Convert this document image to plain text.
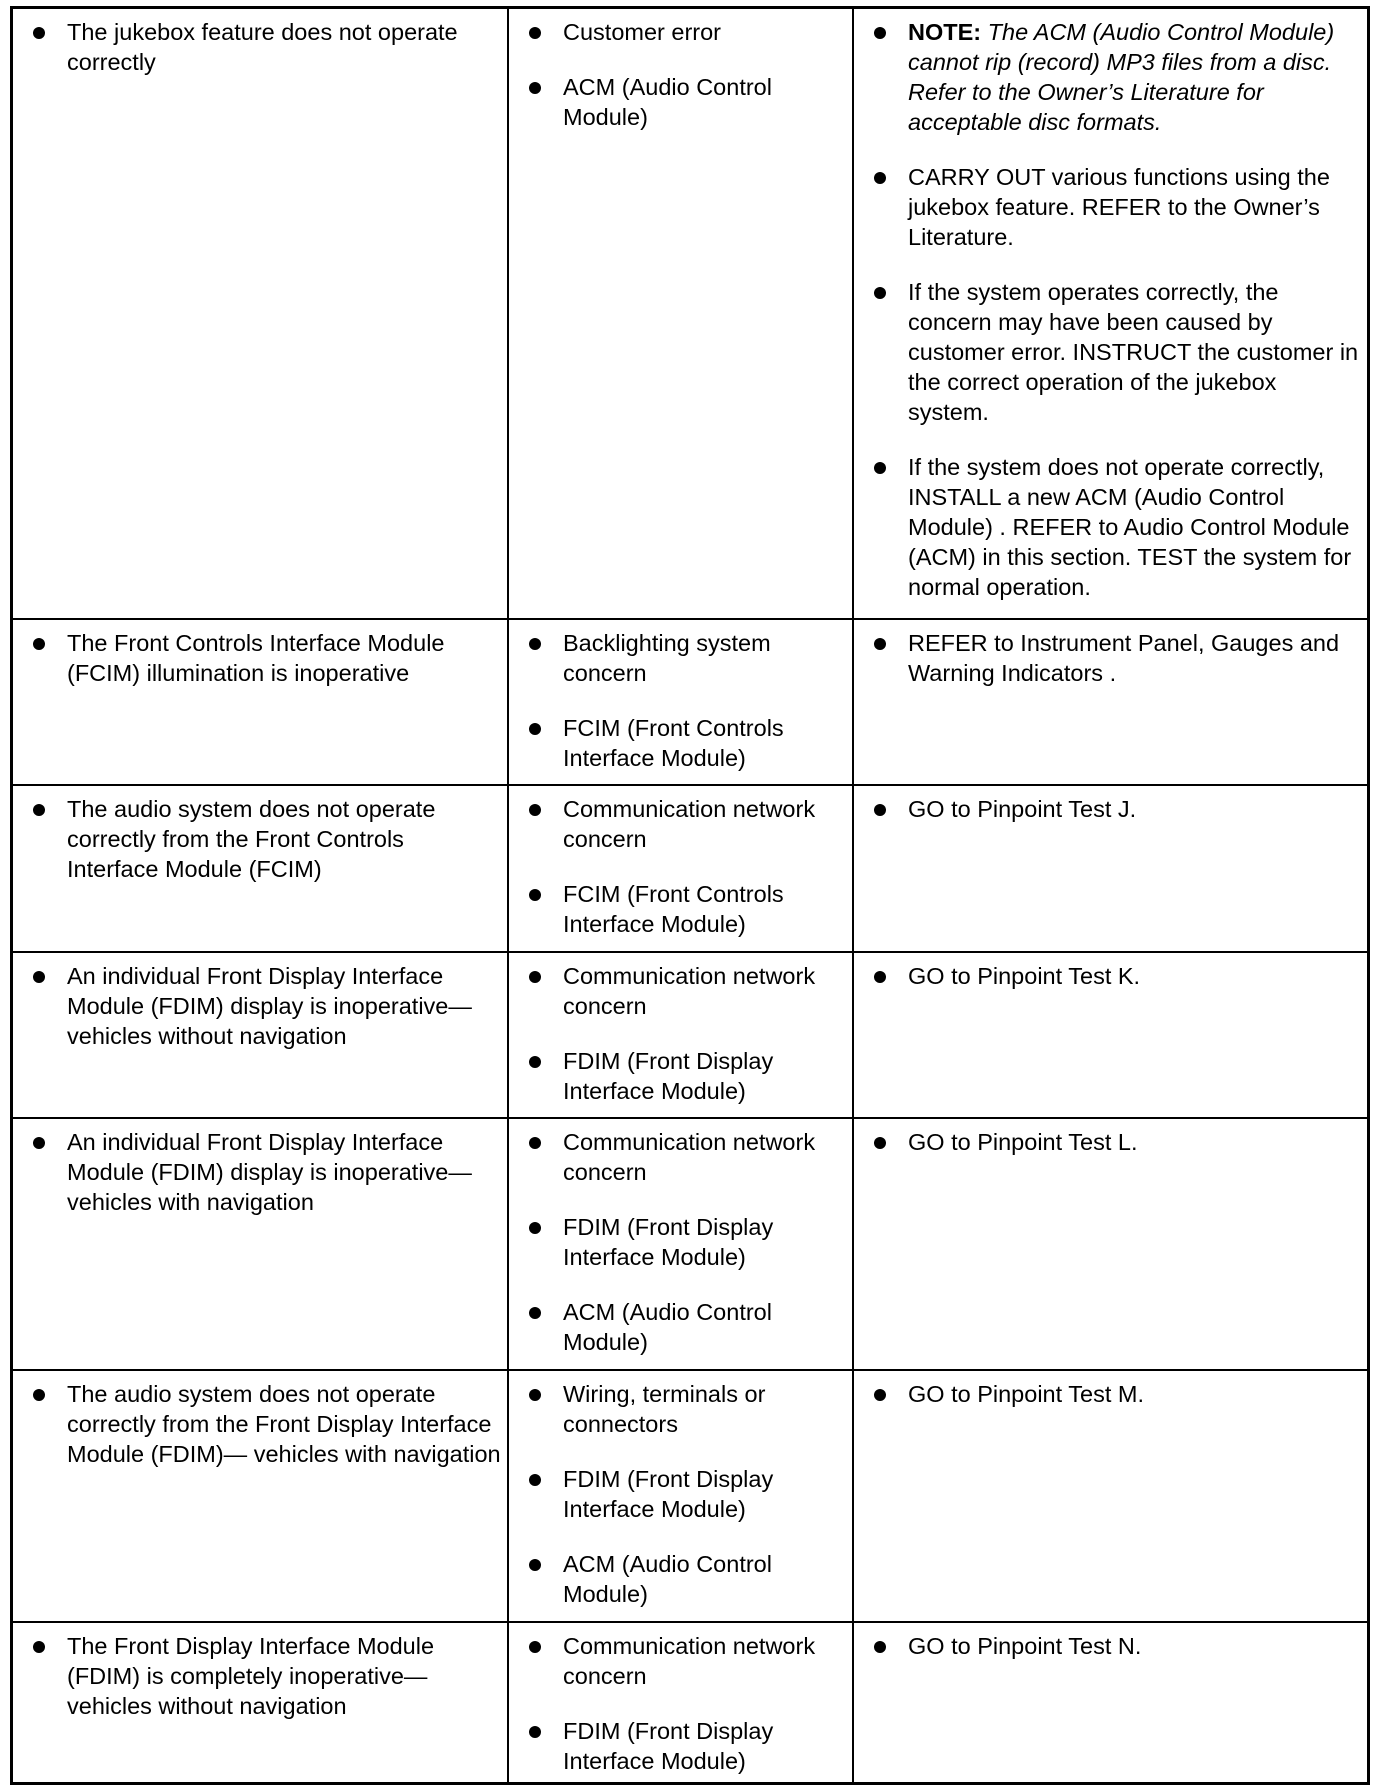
The jukebox feature does not operate correctly
Customer error
ACM (Audio Control Module)
NOTE: The ACM (Audio Control Module) cannot rip (record) MP3 files from a disc. Refer to the Owner’s Literature for acceptable disc formats.
CARRY OUT various functions using the jukebox feature. REFER to the Owner’s Literature.
If the system operates correctly, the concern may have been caused by customer error. INSTRUCT the customer in the correct operation of the jukebox system.
If the system does not operate correctly, INSTALL a new ACM (Audio Control Module) . REFER to Audio Control Module (ACM) in this section. TEST the system for normal operation.
The Front Controls Interface Module (FCIM) illumination is inoperative
Backlighting system concern
FCIM (Front Controls Interface Module)
REFER to Instrument Panel, Gauges and Warning Indicators .
The audio system does not operate correctly from the Front Controls Interface Module (FCIM)
Communication network concern
FCIM (Front Controls Interface Module)
GO to Pinpoint Test J.
An individual Front Display Interface Module (FDIM) display is inoperative— vehicles without navigation
Communication network concern
FDIM (Front Display Interface Module)
GO to Pinpoint Test K.
An individual Front Display Interface Module (FDIM) display is inoperative— vehicles with navigation
Communication network concern
FDIM (Front Display Interface Module)
ACM (Audio Control Module)
GO to Pinpoint Test L.
The audio system does not operate correctly from the Front Display Interface Module (FDIM)— vehicles with navigation
Wiring, terminals or connectors
FDIM (Front Display Interface Module)
ACM (Audio Control Module)
GO to Pinpoint Test M.
The Front Display Interface Module (FDIM) is completely inoperative— vehicles without navigation
Communication network concern
FDIM (Front Display Interface Module)
GO to Pinpoint Test N.
